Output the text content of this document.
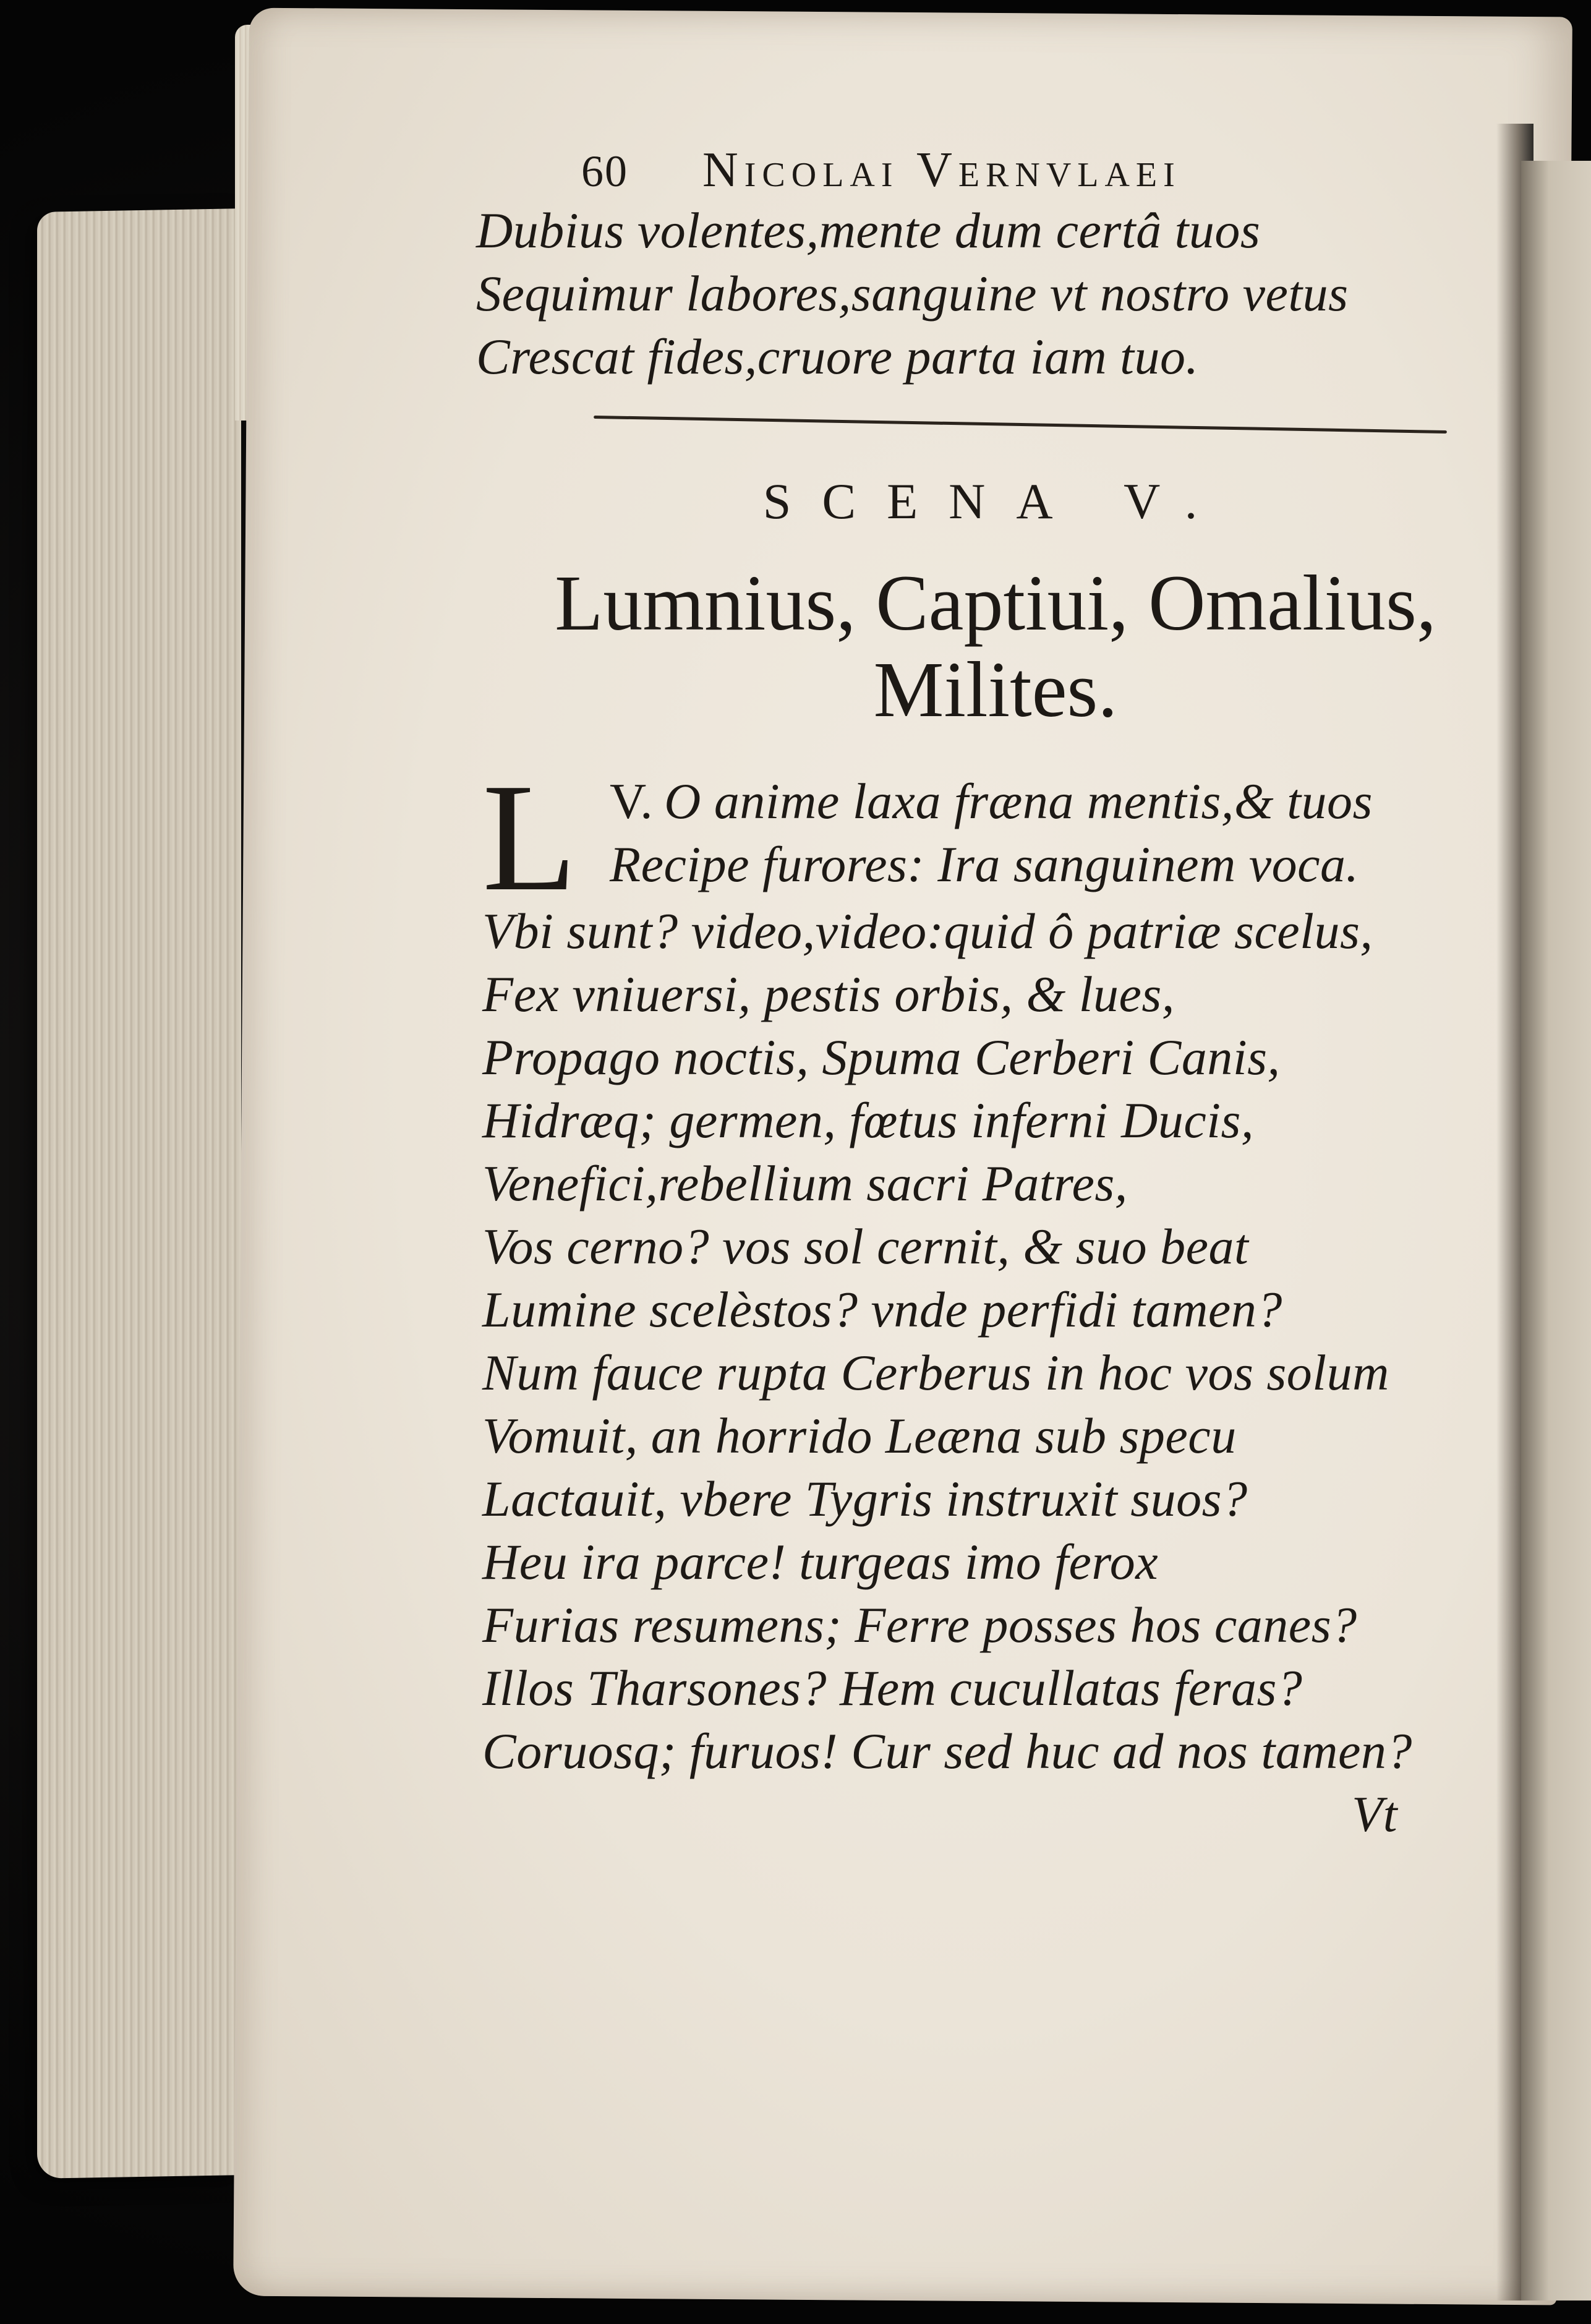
60 Nicolai Vernvlaei
Dubius volentes,mente dum certâ tuos
Sequimur labores,sanguine vt nostro vetus
Crescat fides,cruore parta iam tuo.
SCENA V.
Lumnius, Captiui, Omalius,
Milites.
L V. O anime laxa fræna mentis,& tuos
Recipe furores: Ira sanguinem voca.
Vbi sunt? video,video:quid ô patriæ scelus,
Fex vniuersi, pestis orbis, & lues,
Propago noctis, Spuma Cerberi Canis,
Hidræq; germen, fœtus inferni Ducis,
Venefici,rebellium sacri Patres,
Vos cerno? vos sol cernit, & suo beat
Lumine scelèstos? vnde perfidi tamen?
Num fauce rupta Cerberus in hoc vos solum
Vomuit, an horrido Leæna sub specu
Lactauit, vbere Tygris instruxit suos?
Heu ira parce! turgeas imo ferox
Furias resumens; Ferre posses hos canes?
Illos Tharsones? Hem cucullatas feras?
Coruosq; furuos! Cur sed huc ad nos tamen?
Vt
